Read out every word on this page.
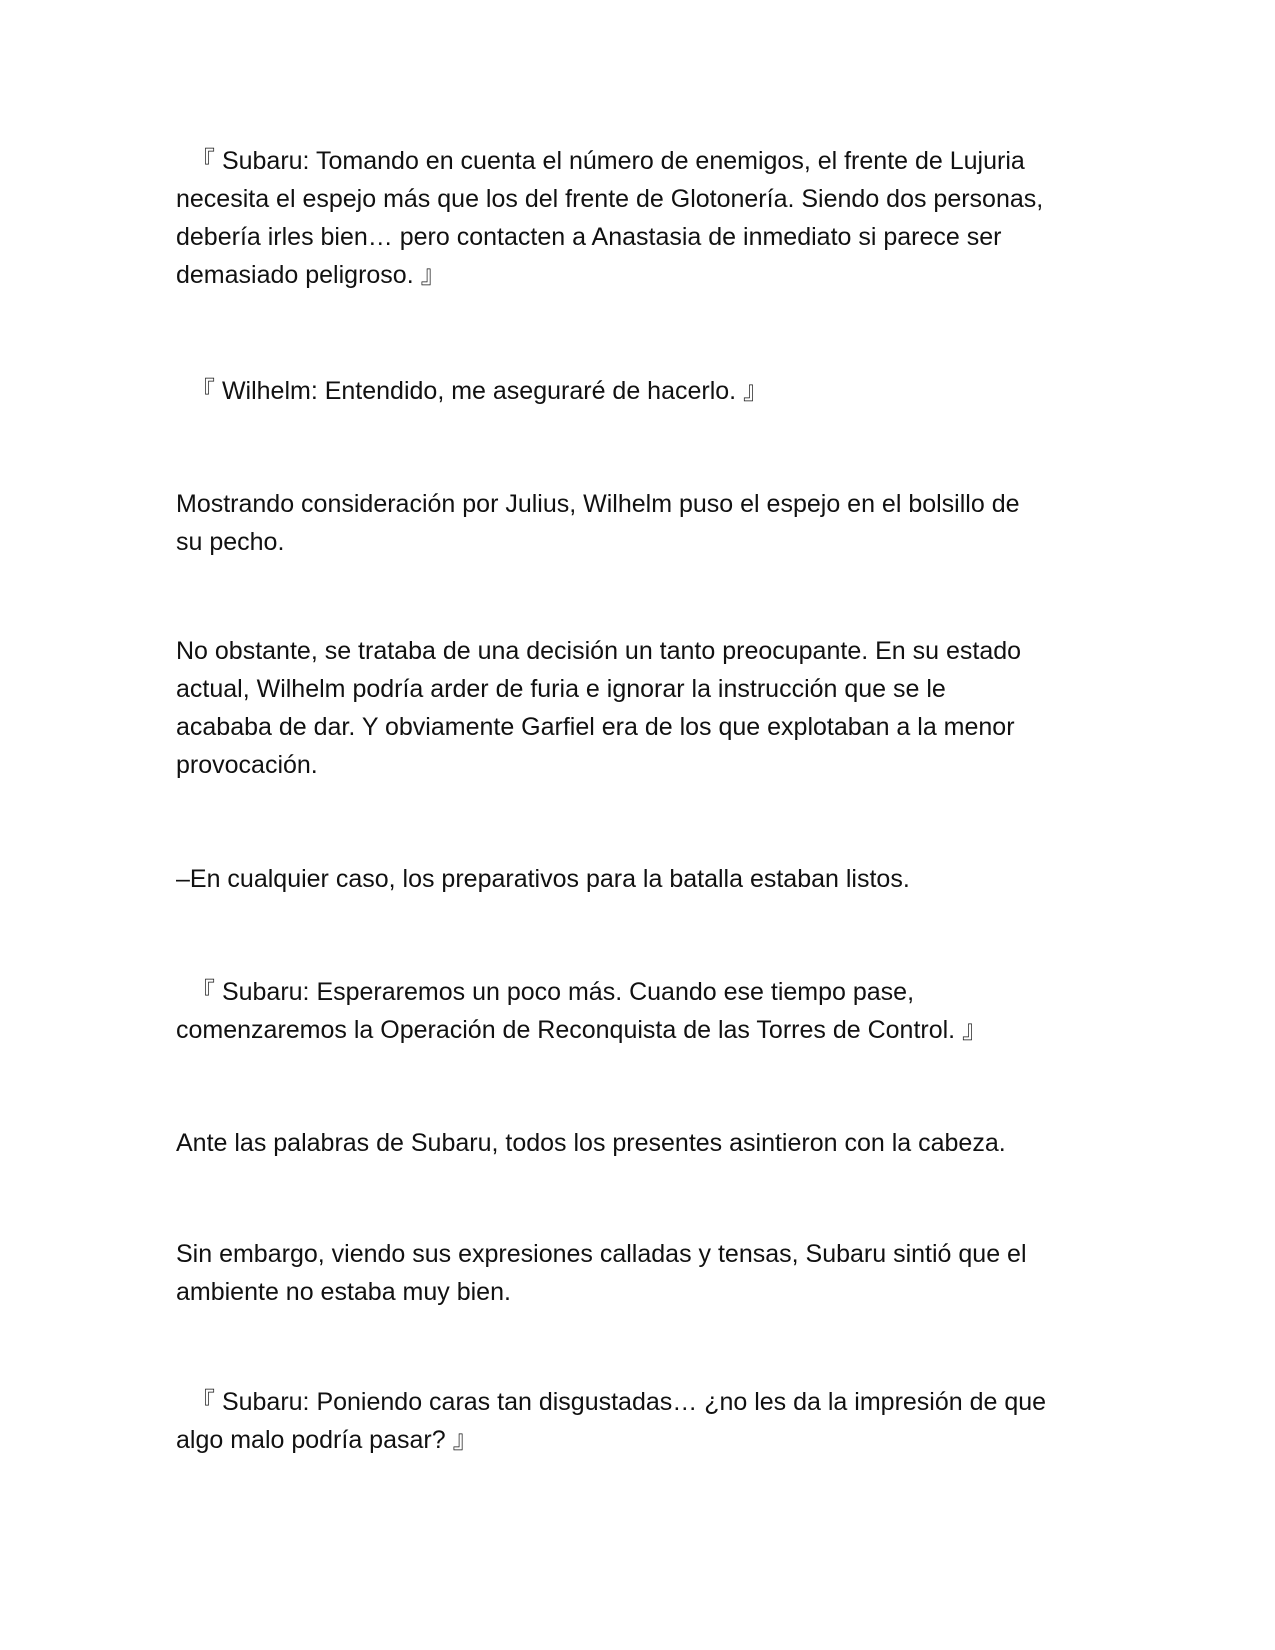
『 Subaru: Tomando en cuenta el número de enemigos, el frente de Lujuria
necesita el espejo más que los del frente de Glotonería. Siendo dos personas,
debería irles bien… pero contacten a Anastasia de inmediato si parece ser
demasiado peligroso. 』
『 Wilhelm: Entendido, me aseguraré de hacerlo. 』
Mostrando consideración por Julius, Wilhelm puso el espejo en el bolsillo de
su pecho.
No obstante, se trataba de una decisión un tanto preocupante. En su estado
actual, Wilhelm podría arder de furia e ignorar la instrucción que se le
acababa de dar. Y obviamente Garfiel era de los que explotaban a la menor
provocación.
–En cualquier caso, los preparativos para la batalla estaban listos.
『 Subaru: Esperaremos un poco más. Cuando ese tiempo pase,
comenzaremos la Operación de Reconquista de las Torres de Control. 』
Ante las palabras de Subaru, todos los presentes asintieron con la cabeza.
Sin embargo, viendo sus expresiones calladas y tensas, Subaru sintió que el
ambiente no estaba muy bien.
『 Subaru: Poniendo caras tan disgustadas… ¿no les da la impresión de que
algo malo podría pasar? 』
